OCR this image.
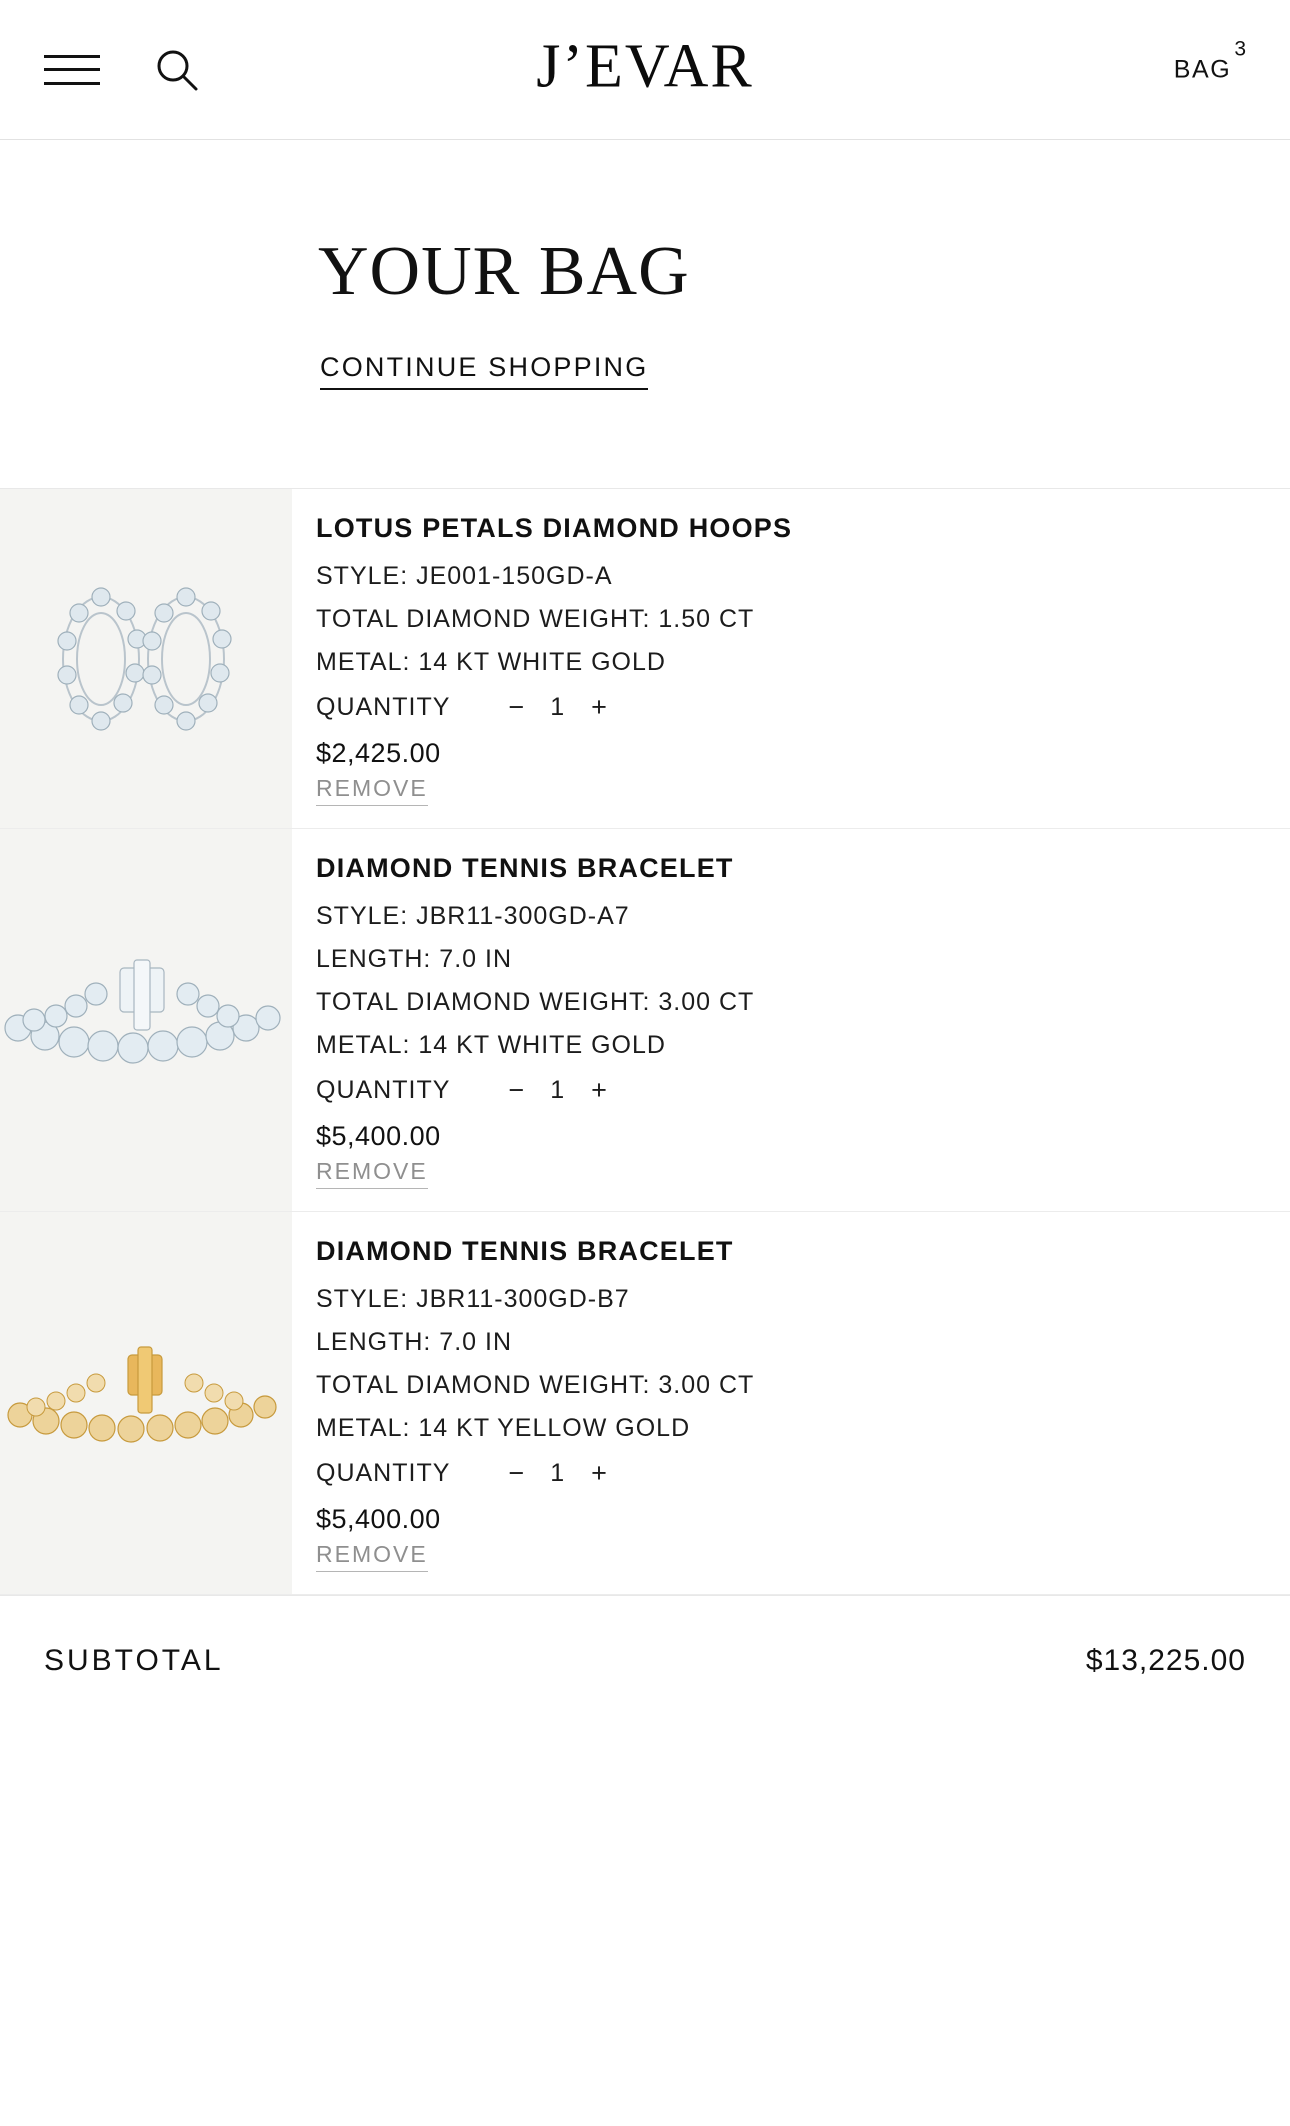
J’EVAR	BAG
3
YOUR BAG
CONTINUE SHOPPING
LOTUS PETALS DIAMOND HOOPS
STYLE: JE001-150GD-A
TOTAL DIAMOND WEIGHT: 1.50 CT
METAL: 14 KT WHITE GOLD
QUANTITY − 1 +
$2,425.00
REMOVE
DIAMOND TENNIS BRACELET
STYLE: JBR11-300GD-A7
LENGTH: 7.0 IN
TOTAL DIAMOND WEIGHT: 3.00 CT
METAL: 14 KT WHITE GOLD
QUANTITY − 1 +
$5,400.00
REMOVE
DIAMOND TENNIS BRACELET
STYLE: JBR11-300GD-B7
LENGTH: 7.0 IN
TOTAL DIAMOND WEIGHT: 3.00 CT
METAL: 14 KT YELLOW GOLD
QUANTITY − 1 +
$5,400.00
REMOVE
SUBTOTAL	$13,225.00
